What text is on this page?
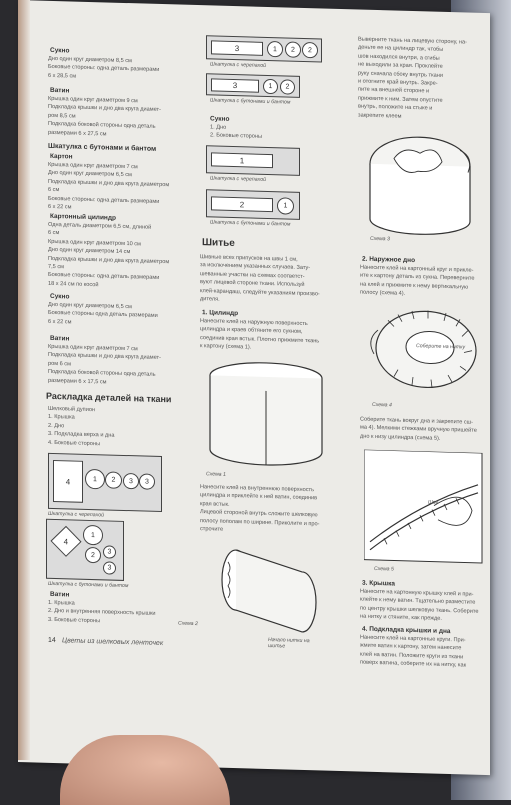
Сукно
Дно один круг диаметром 8,5 см
Боковые стороны: одна деталь размерами
6 x 28,5 см
Ватин
Крышка один круг диаметром 9 см
Подкладка крышки и дно два круга диамет-
ром 8,5 см
Подкладка боковой стороны одна деталь
размерами 6 x 27,5 см
Шкатулка с бутонами и бантом
Картон
Крышка один круг диаметром 7 см
Дно один круг диаметром 6,5 см
Подкладка крышки и дно два круга диаметром
6 см
Боковые стороны: одна деталь размерами
6 x 22 см
Картонный цилиндр
Одна деталь диаметром 6,5 см, длиной
6 см
Крышка один круг диаметром 10 см
Дно один круг диаметром 14 см
Подкладка крышки и дно два круга диаметром
7,5 см
Боковые стороны: одна деталь размерами
18 x 24 см по косой
Сукно
Дно один круг диаметром 6,5 см
Боковые стороны одна деталь размерами
6 x 22 см
Ватин
Крышка один круг диаметром 7 см
Подкладка крышки и дно два круга диамет-
ром 6 см
Подкладка боковой стороны одна деталь
размерами 6 x 17,5 см
Раскладка деталей на ткани
Шелковый дупион
1. Крышка
2. Дно
3. Подкладка верха и дна
4. Боковые стороны
4	1	2	3	3
Шкатулка с черепахой
4
1
2	3
3
Шкатулка с бутонами и бантом
Ватин
1. Крышка
2. Дно и внутренняя поверхность крышки
3. Боковые стороны
14 Цветы из шелковых ленточек
3	1	2	2
Шкатулка с черепахой
3	1	2
Шкатулка с бутонами и бантом
Сукно
1. Дно
2. Боковые стороны
1
Шкатулка с черепахой
2	1
Шкатулка с бутонами и бантом
Шитье
Шивные всех припусков на швы 1 см,
за исключением указанных случаев. Зату-
шеванные участки на схемах соответст-
вуют лицевой стороне ткани. Используй
клей-карандаш, следуйте указаниям произво-
дителя.
1. Цилиндр
Нанесите клей на наружную поверхность
цилиндра и краев обтяните его сукном,
соединив края встык. Плотно прижмите ткань
к картону (схема 1).
Схема 1
Нанесите клей на внутреннюю поверхность
цилиндра и приклейте к ней ватин, соединив
края встык.
Лицевой стороной внутрь сложите шелковую
полосу пополам по ширине. Приколите и про-
строчите
Схема 2
Начало нитки на шитье
Выверните ткань на лицевую сторону, на-
деньте ее на цилиндр так, чтобы
шов находился внутри, а сгибы
не выходили за края. Проклейте
руку сначала сбоку внутрь ткани
и отогните край внутрь. Закре-
пите на внешней стороне и
прижмите к ним. Затем опустите
внутрь, положите на стыке и
закрепите клеем
Схема 3
2. Наружное дно
Нанесите клей на картонный круг и прикле-
ите к картону деталь из сукна. Переверните
на клей и прижмите к нему вертикальную
полосу (схема 4).
Соберите на нитку
Схема 4
Соберите ткань вокруг дна и закрепите сш-
ма 4). Мелкими стежками вручную пришейте
дно к низу цилиндра (схема 5).
Шов
Схема 5
3. Крышка
Нанесите на картонную крышку клей и при-
клейте к нему ватин. Тщательно разместите
по центру крышки шелковую ткань. Соберите
на нитку и стяните, как прежде.
4. Подкладка крышки и дна
Нанесите клей на картонные круги. При-
жмите ватин к картону, затем нанесите
клей на ватин. Положите круги из ткани
поверх ватина, соберите их на нитку, как
